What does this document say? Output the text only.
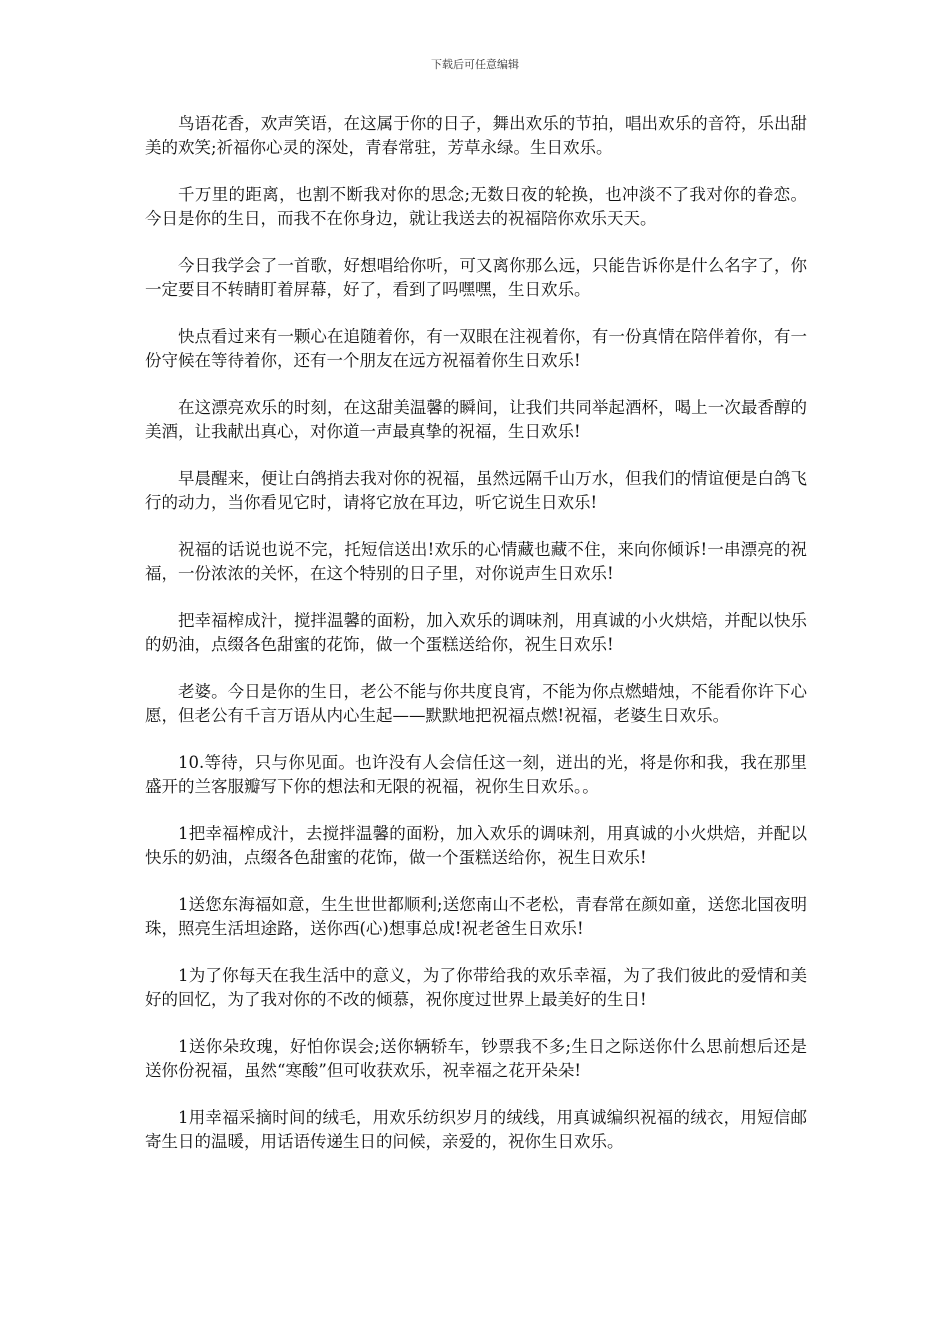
下载后可任意编辑

鸟语花香，欢声笑语，在这属于你的日子，舞出欢乐的节拍，唱出欢乐的音符，乐出甜美的欢笑;祈福你心灵的深处，青春常驻，芳草永绿。生日欢乐。

千万里的距离，也割不断我对你的思念;无数日夜的轮换，也冲淡不了我对你的眷恋。今日是你的生日，而我不在你身边，就让我送去的祝福陪你欢乐天天。

今日我学会了一首歌，好想唱给你听，可又离你那么远，只能告诉你是什么名字了，你一定要目不转睛盯着屏幕，好了，看到了吗嘿嘿，生日欢乐。

快点看过来有一颗心在追随着你，有一双眼在注视着你，有一份真情在陪伴着你，有一份守候在等待着你，还有一个朋友在远方祝福着你生日欢乐!

在这漂亮欢乐的时刻，在这甜美温馨的瞬间，让我们共同举起酒杯，喝上一次最香醇的美酒，让我献出真心，对你道一声最真挚的祝福，生日欢乐!

早晨醒来，便让白鸽捎去我对你的祝福，虽然远隔千山万水，但我们的情谊便是白鸽飞行的动力，当你看见它时，请将它放在耳边，听它说生日欢乐!

祝福的话说也说不完，托短信送出!欢乐的心情藏也藏不住，来向你倾诉!一串漂亮的祝福，一份浓浓的关怀，在这个特别的日子里，对你说声生日欢乐!

把幸福榨成汁，搅拌温馨的面粉，加入欢乐的调味剂，用真诚的小火烘焙，并配以快乐的奶油，点缀各色甜蜜的花饰，做一个蛋糕送给你，祝生日欢乐!

老婆。今日是你的生日，老公不能与你共度良宵，不能为你点燃蜡烛，不能看你许下心愿，但老公有千言万语从内心生起——默默地把祝福点燃!祝福，老婆生日欢乐。

10.等待，只与你见面。也许没有人会信任这一刻，迸出的光，将是你和我，我在那里盛开的兰客服瓣写下你的想法和无限的祝福，祝你生日欢乐。。

1把幸福榨成汁，去搅拌温馨的面粉，加入欢乐的调味剂，用真诚的小火烘焙，并配以快乐的奶油，点缀各色甜蜜的花饰，做一个蛋糕送给你，祝生日欢乐!

1送您东海福如意，生生世世都顺利;送您南山不老松，青春常在颜如童，送您北国夜明珠，照亮生活坦途路，送你西(心)想事总成!祝老爸生日欢乐!

1为了你每天在我生活中的意义，为了你带给我的欢乐幸福，为了我们彼此的爱情和美好的回忆，为了我对你的不改的倾慕，祝你度过世界上最美好的生日!

1送你朵玫瑰，好怕你误会;送你辆轿车，钞票我不多;生日之际送你什么思前想后还是送你份祝福，虽然“寒酸”但可收获欢乐，祝幸福之花开朵朵!

1用幸福采摘时间的绒毛，用欢乐纺织岁月的绒线，用真诚编织祝福的绒衣，用短信邮寄生日的温暖，用话语传递生日的问候，亲爱的，祝你生日欢乐。
